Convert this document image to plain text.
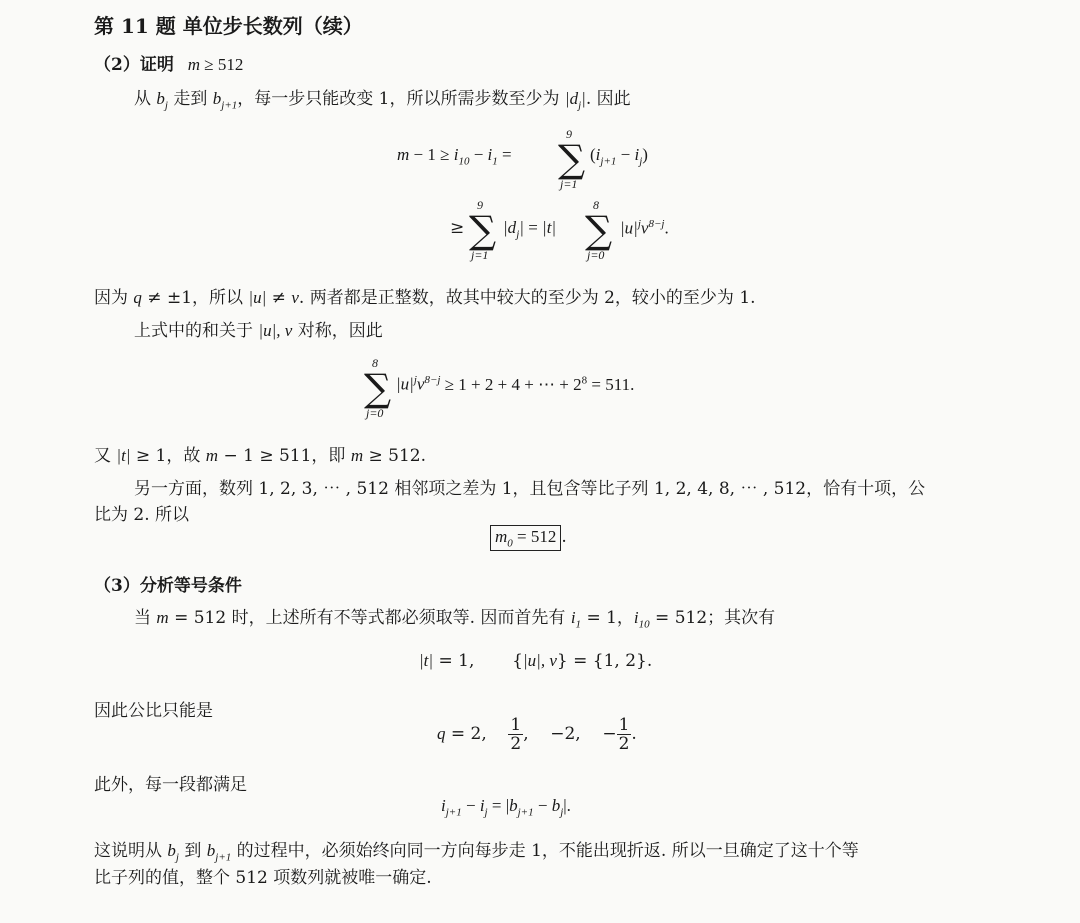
第 11 题 单位步长数列（续）
（2）证明 m ≥ 512
从 $b_j$ 走到 $b_{j+1}$，每一步只能改变 1，所以所需步数至少为 $|d_j|$. 因此
$m - 1 \ge i_{10} - i_1$ =
9
∑
j=1
$(i_{j+1} - i_j)$
≥
9
∑
j=1
$|d_j| = |t|$
8
∑
j=0
$|u|^jv^{8-j}$.
因为 q ≠ ±1，所以 |u| ≠ v. 两者都是正整数，故其中较大的至少为 2，较小的至少为 1.
上式中的和关于 |u|, v 对称，因此
8
∑
j=0
$|u|^jv^{8-j} \ge 1 + 2 + 4$ + ⋯ + $2^8 = 511$.
又 |t| ≥ 1，故 m − 1 ≥ 511，即 m ≥ 512.
另一方面，数列 1, 2, 3, ⋯ , 512 相邻项之差为 1，且包含等比子列 1, 2, 4, 8, ⋯ , 512，恰有十项，公
比为 2. 所以
$m_0 = 512$ .
（3）分析等号条件
当 m = 512 时，上述所有不等式都必须取等. 因而首先有 $i_1 = 1$，$i_{10} = 512$；其次有
|t| = 1,       {|u|, v} = {1, 2}.
因此公比只能是
q = 2, $\frac{1}{2}$ ,    −2,    − $\frac{1}{2}$ .
此外，每一段都满足
$i_{j+1} - i_j = |b_{j+1} - b_j|$.
这说明从 $b_j$ 到 $b_{j+1}$ 的过程中，必须始终向同一方向每步走 1，不能出现折返. 所以一旦确定了这十个等
比子列的值，整个 512 项数列就被唯一确定.
